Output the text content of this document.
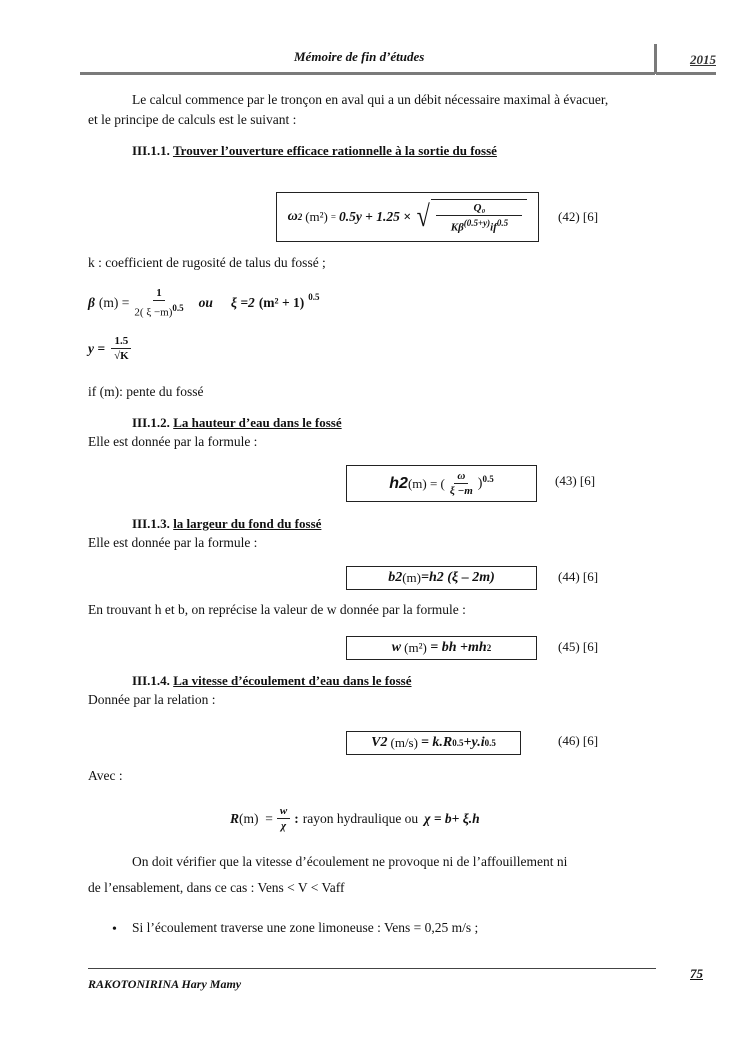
Mémoire de fin d’études	2015
Le calcul commence par le tronçon en aval qui a un débit nécessaire maximal à évacuer,
et le principe de calculs est le suivant :
III.1.1. Trouver l’ouverture efficace rationnelle à la sortie du fossé
ω 2 (m²) = 0.5y + 1.25 × √ $\frac{\text{Q₀}}{K\beta^{(0.5+y)}if^{0.5}}$	(42) [6]
k : coefficient de rugosité de talus du fossé ;
β $(m) = \frac{1}{2( \xi -m)^{0.5}}$ ou ξ =2 (m² + 1) $^{0.5}$
$y = \frac{1.5}{√K}$
if (m): pente du fossé
III.1.2. La hauteur d’eau dans le fossé
Elle est donnée par la formule :
h2 (m) = ( $\frac{\omega}{\xi -m} )^{0.5}$	(43) [6]
III.1.3. la largeur du fond du fossé
Elle est donnée par la formule :
b2 (m) =h2 (ξ – 2m)	(44) [6]
En trouvant h et b, on reprécise la valeur de w donnée par la formule :
w (m²) = bh +mh 2	(45) [6]
III.1.4. La vitesse d’écoulement d’eau dans le fossé
Donnée par la relation :
V2 (m/s) = k.R 0.5 +y.i 0.5	(46) [6]
Avec :
R $(m) = \frac{w}{\chi}$ : rayon hydraulique ou χ = b+ ξ.h
On doit vérifier que la vitesse d’écoulement ne provoque ni de l’affouillement ni
de l’ensablement, dans ce cas : Vens < V < Vaff
• Si l’écoulement traverse une zone limoneuse : Vens = 0,25 m/s ;
RAKOTONIRINA Hary Mamy
75
